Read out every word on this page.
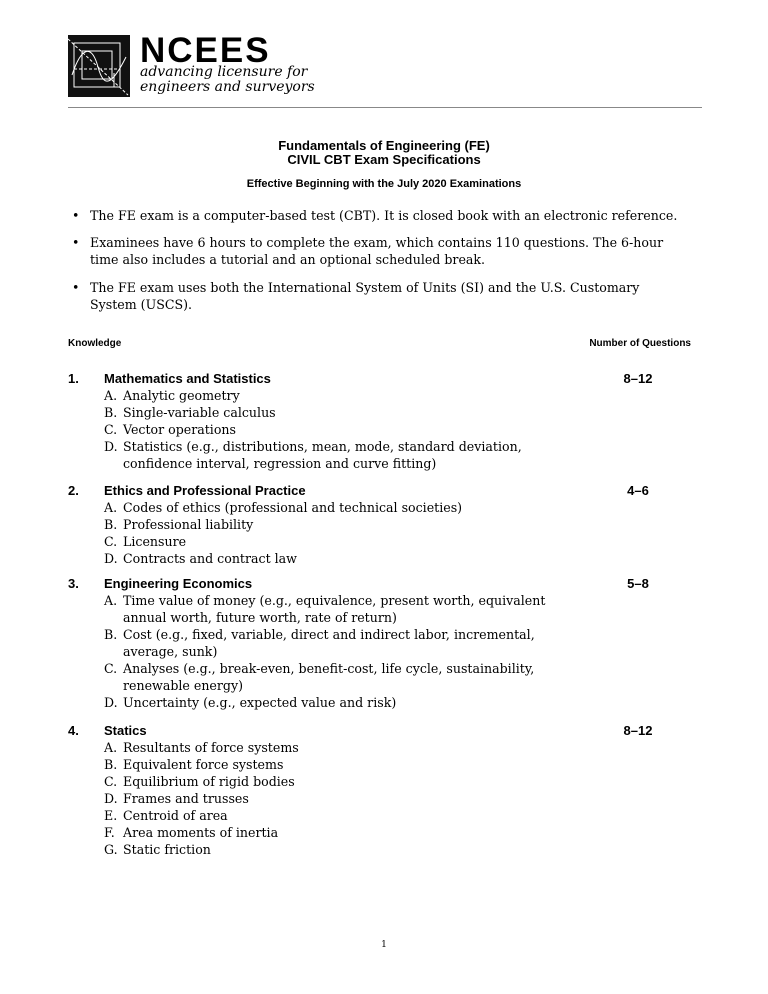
NCEES
advancing licensure for
engineers and surveyors
Fundamentals of Engineering (FE)
CIVIL CBT Exam Specifications
Effective Beginning with the July 2020 Examinations
• The FE exam is a computer-based test (CBT). It is closed book with an electronic reference.
• Examinees have 6 hours to complete the exam, which contains 110 questions. The 6-hour time also includes a tutorial and an optional scheduled break.
• The FE exam uses both the International System of Units (SI) and the U.S. Customary System (USCS).
Knowledge	Number of Questions
1. Mathematics and Statistics	8–12
A. Analytic geometry
B. Single-variable calculus
C. Vector operations
D. Statistics (e.g., distributions, mean, mode, standard deviation, confidence interval, regression and curve fitting)
2. Ethics and Professional Practice	4–6
A. Codes of ethics (professional and technical societies)
B. Professional liability
C. Licensure
D. Contracts and contract law
3. Engineering Economics	5–8
A. Time value of money (e.g., equivalence, present worth, equivalent annual worth, future worth, rate of return)
B. Cost (e.g., fixed, variable, direct and indirect labor, incremental, average, sunk)
C. Analyses (e.g., break-even, benefit-cost, life cycle, sustainability, renewable energy)
D. Uncertainty (e.g., expected value and risk)
4. Statics	8–12
A. Resultants of force systems
B. Equivalent force systems
C. Equilibrium of rigid bodies
D. Frames and trusses
E. Centroid of area
F. Area moments of inertia
G. Static friction
1
